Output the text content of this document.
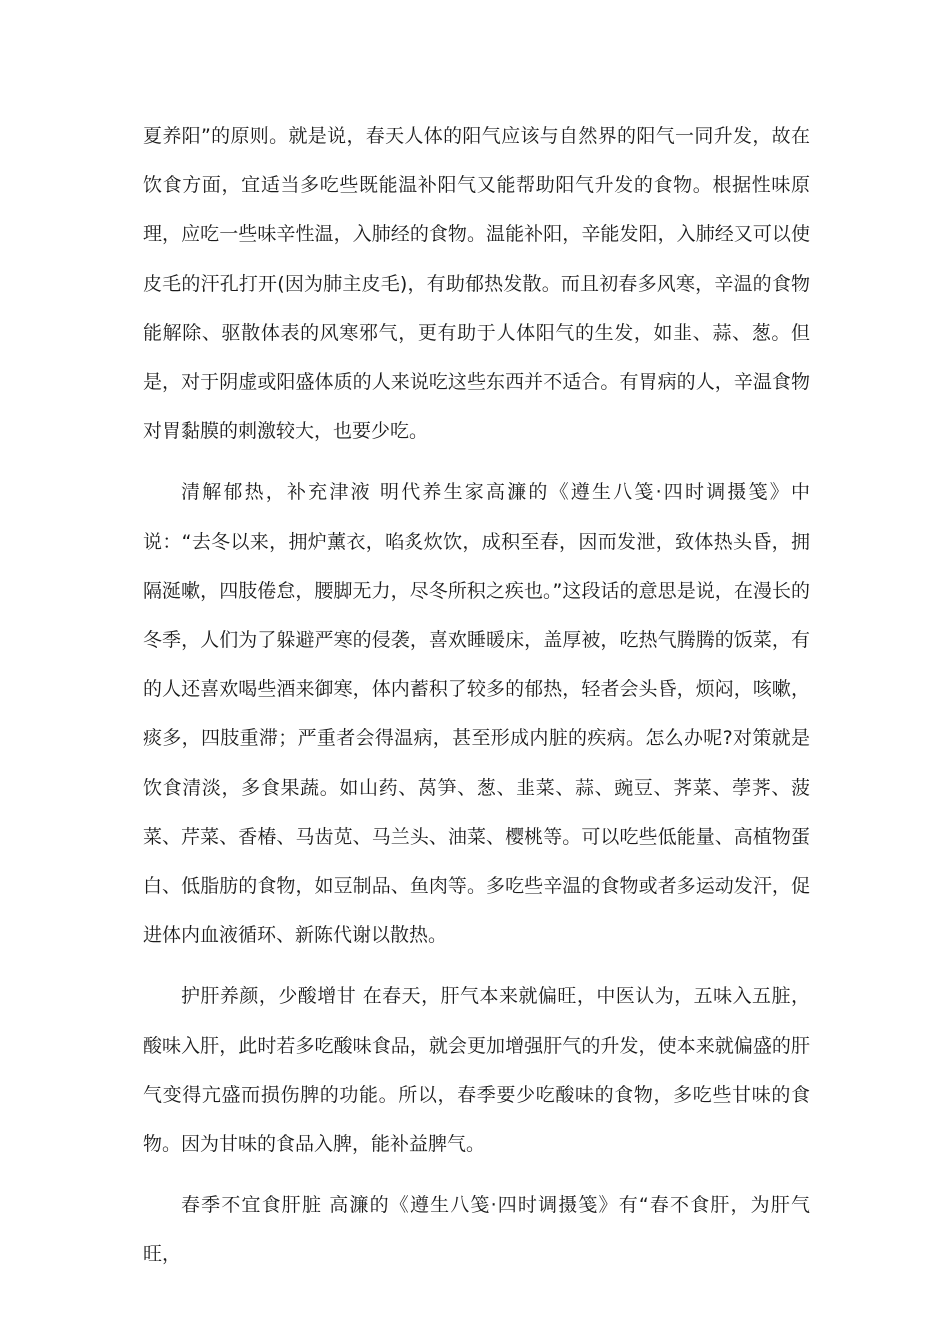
夏养阳”的原则。就是说，春天人体的阳气应该与自然界的阳气一同升发，故在饮食方面，宜适当多吃些既能温补阳气又能帮助阳气升发的食物。根据性味原理，应吃一些味辛性温，入肺经的食物。温能补阳，辛能发阳，入肺经又可以使皮毛的汗孔打开(因为肺主皮毛)，有助郁热发散。而且初春多风寒，辛温的食物能解除、驱散体表的风寒邪气，更有助于人体阳气的生发，如韭、蒜、葱。但是，对于阴虚或阳盛体质的人来说吃这些东西并不适合。有胃病的人，辛温食物对胃黏膜的刺激较大，也要少吃。

清解郁热，补充津液 明代养生家高濂的《遵生八笺·四时调摄笺》中说：“去冬以来，拥炉薰衣，啗炙炊饮，成积至春，因而发泄，致体热头昏，拥隔涎嗽，四肢倦怠，腰脚无力，尽冬所积之疾也。”这段话的意思是说，在漫长的冬季，人们为了躲避严寒的侵袭，喜欢睡暖床，盖厚被，吃热气腾腾的饭菜，有的人还喜欢喝些酒来御寒，体内蓄积了较多的郁热，轻者会头昏，烦闷，咳嗽，痰多，四肢重滞；严重者会得温病，甚至形成内脏的疾病。怎么办呢?对策就是饮食清淡，多食果蔬。如山药、莴笋、葱、韭菜、蒜、豌豆、荠菜、荸荠、菠菜、芹菜、香椿、马齿苋、马兰头、油菜、樱桃等。可以吃些低能量、高植物蛋白、低脂肪的食物，如豆制品、鱼肉等。多吃些辛温的食物或者多运动发汗，促进体内血液循环、新陈代谢以散热。

护肝养颜，少酸增甘 在春天，肝气本来就偏旺，中医认为，五味入五脏，酸味入肝，此时若多吃酸味食品，就会更加增强肝气的升发，使本来就偏盛的肝气变得亢盛而损伤脾的功能。所以，春季要少吃酸味的食物，多吃些甘味的食物。因为甘味的食品入脾，能补益脾气。

春季不宜食肝脏 高濂的《遵生八笺·四时调摄笺》有“春不食肝，为肝气旺，
